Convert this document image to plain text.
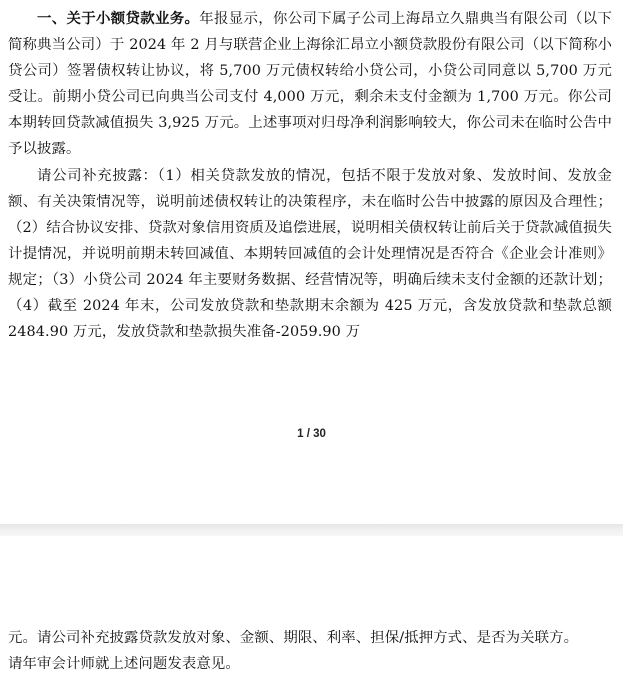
一、关于小额贷款业务。年报显示，你公司下属子公司上海昂立久鼎典当有限公司（以下简称典当公司）于 2024 年 2 月与联营企业上海徐汇昂立小额贷款股份有限公司（以下简称小贷公司）签署债权转让协议，将 5,700 万元债权转给小贷公司，小贷公司同意以 5,700 万元受让。前期小贷公司已向典当公司支付 4,000 万元，剩余未支付金额为 1,700 万元。你公司本期转回贷款减值损失 3,925 万元。上述事项对归母净利润影响较大，你公司未在临时公告中予以披露。

请公司补充披露：（1）相关贷款发放的情况，包括不限于发放对象、发放时间、发放金额、有关决策情况等，说明前述债权转让的决策程序，未在临时公告中披露的原因及合理性；（2）结合协议安排、贷款对象信用资质及追偿进展，说明相关债权转让前后关于贷款减值损失计提情况，并说明前期未转回减值、本期转回减值的会计处理情况是否符合《企业会计准则》规定；（3）小贷公司 2024 年主要财务数据、经营情况等，明确后续未支付金额的还款计划；（4）截至 2024 年末，公司发放贷款和垫款期末余额为 425 万元，含发放贷款和垫款总额 2484.90 万元，发放贷款和垫款损失准备-2059.90 万

1 / 30

元。请公司补充披露贷款发放对象、金额、期限、利率、担保/抵押方式、是否为关联方。

请年审会计师就上述问题发表意见。
